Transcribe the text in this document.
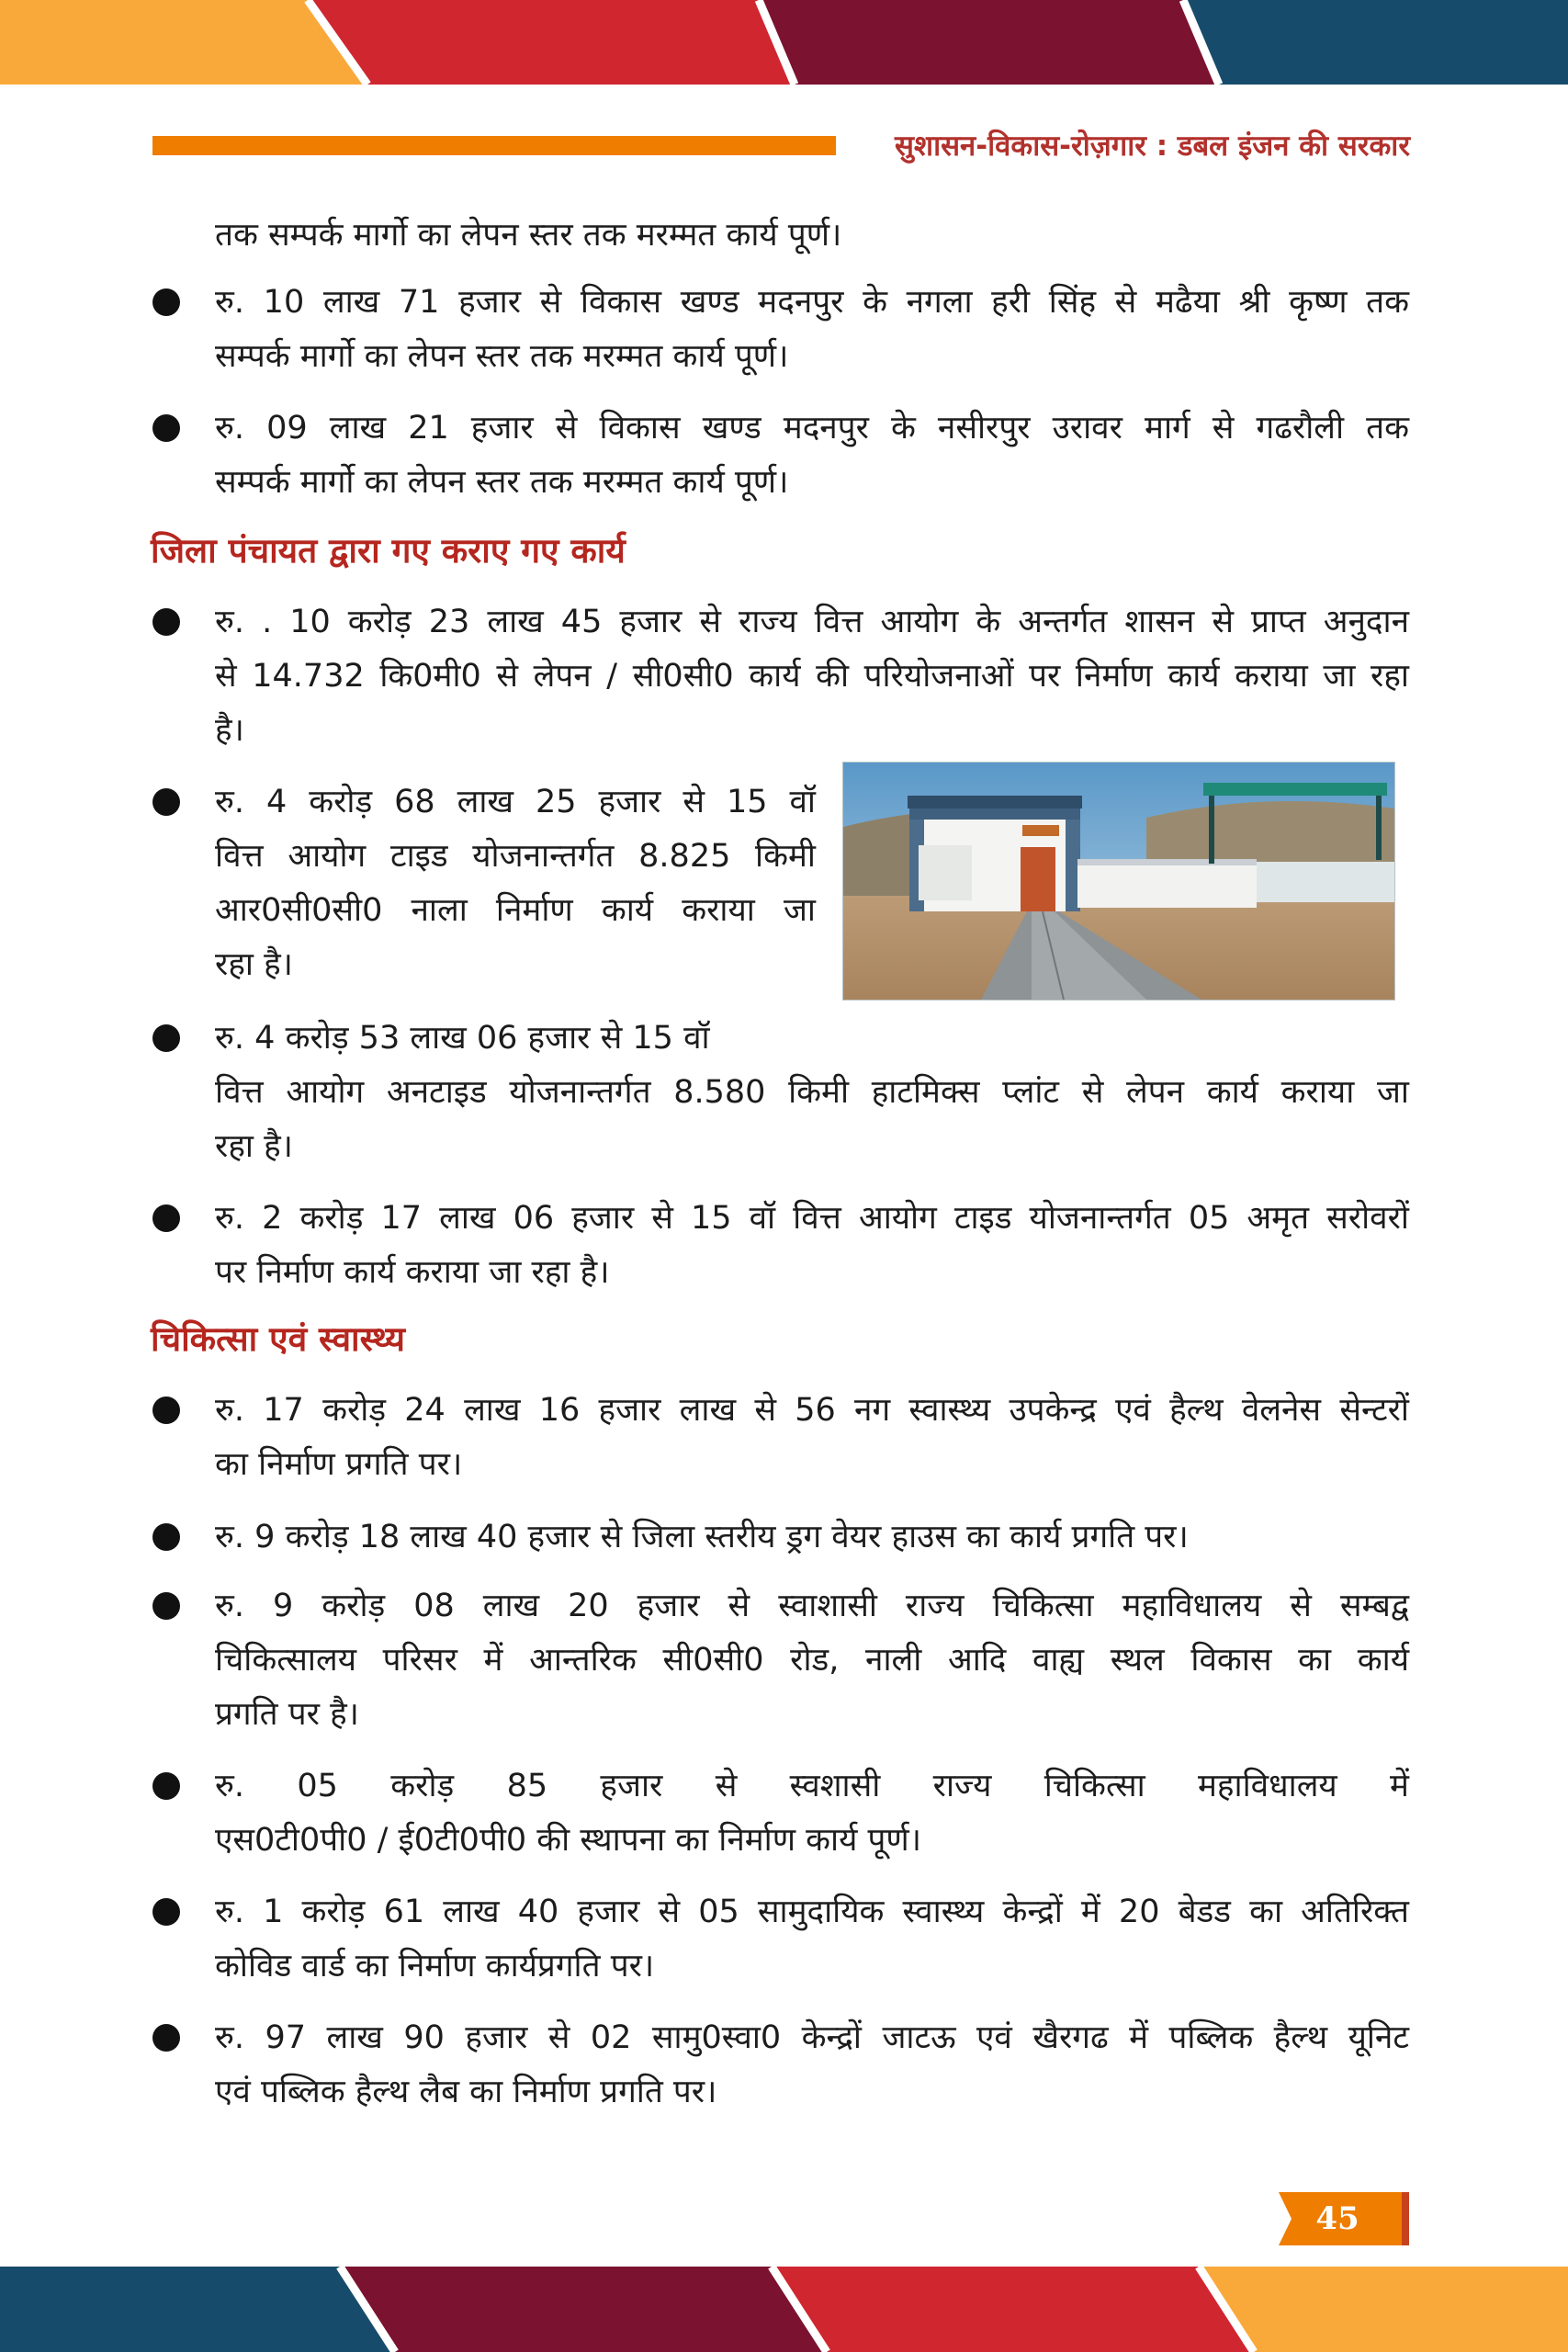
सुशासन-विकास-रोज़गार : डबल इंजन की सरकार
तक सम्पर्क मार्गो का लेपन स्तर तक मरम्मत कार्य पूर्ण।
रु. 10 लाख 71 हजार से विकास खण्ड मदनपुर के नगला हरी सिंह से मढैया श्री कृष्ण तक
सम्पर्क मार्गो का लेपन स्तर तक मरम्मत कार्य पूर्ण।
रु. 09 लाख 21 हजार से विकास खण्ड मदनपुर के नसीरपुर उरावर मार्ग से गढरौली तक
सम्पर्क मार्गो का लेपन स्तर तक मरम्मत कार्य पूर्ण।
जिला पंचायत द्वारा गए कराए गए कार्य
रु. . 10 करोड़ 23 लाख 45 हजार से राज्य वित्त आयोग के अन्तर्गत शासन से प्राप्त अनुदान
से 14.732 कि0मी0 से लेपन / सी0सी0 कार्य की परियोजनाओं पर निर्माण कार्य कराया जा रहा
है।
रु. 4 करोड़ 68 लाख 25 हजार से 15 वॉ
वित्त आयोग टाइड योजनान्तर्गत 8.825 किमी
आर0सी0सी0 नाला निर्माण कार्य कराया जा
रहा है।
रु. 4 करोड़ 53 लाख 06 हजार से 15 वॉ
वित्त आयोग अनटाइड योजनान्तर्गत 8.580 किमी हाटमिक्स प्लांट से लेपन कार्य कराया जा
रहा है।
रु. 2 करोड़ 17 लाख 06 हजार से 15 वॉ वित्त आयोग टाइड योजनान्तर्गत 05 अमृत सरोवरों
पर निर्माण कार्य कराया जा रहा है।
चिकित्सा एवं स्वास्थ्य
रु. 17 करोड़ 24 लाख 16 हजार लाख से 56 नग स्वास्थ्य उपकेन्द्र एवं हैल्थ वेलनेस सेन्टरों
का निर्माण प्रगति पर।
रु. 9 करोड़ 18 लाख 40 हजार से जिला स्तरीय ड्रग वेयर हाउस का कार्य प्रगति पर।
रु. 9 करोड़ 08 लाख 20 हजार से स्वाशासी राज्य चिकित्सा महाविधालय से सम्बद्व
चिकित्सालय परिसर में आन्तरिक सी0सी0 रोड, नाली आदि वाह्य स्थल विकास का कार्य
प्रगति पर है।
रु. 05 करोड़ 85 हजार से स्वशासी राज्य चिकित्सा महाविधालय में
एस0टी0पी0 / ई0टी0पी0 की स्थापना का निर्माण कार्य पूर्ण।
रु. 1 करोड़ 61 लाख 40 हजार से 05 सामुदायिक स्वास्थ्य केन्द्रों में 20 बेडड का अतिरिक्त
कोविड वार्ड का निर्माण कार्यप्रगति पर।
रु. 97 लाख 90 हजार से 02 सामु0स्वा0 केन्द्रों जाटऊ एवं खैरगढ में पब्लिक हैल्थ यूनिट
एवं पब्लिक हैल्थ लैब का निर्माण प्रगति पर।
45
